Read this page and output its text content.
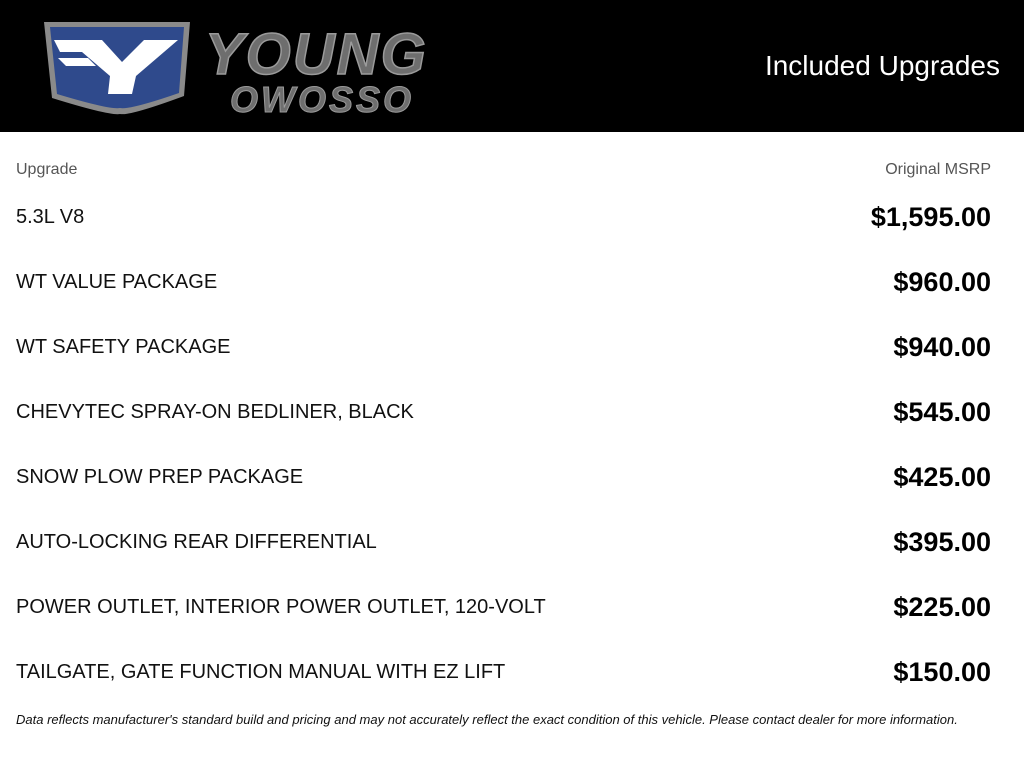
Y YOUNG
OWOSSO
Included Upgrades
Upgrade	Original MSRP
5.3L V8	$1,595.00
WT VALUE PACKAGE	$960.00
WT SAFETY PACKAGE	$940.00
CHEVYTEC SPRAY-ON BEDLINER, BLACK	$545.00
SNOW PLOW PREP PACKAGE	$425.00
AUTO-LOCKING REAR DIFFERENTIAL	$395.00
POWER OUTLET, INTERIOR POWER OUTLET, 120-VOLT	$225.00
TAILGATE, GATE FUNCTION MANUAL WITH EZ LIFT	$150.00
Data reflects manufacturer's standard build and pricing and may not accurately reflect the exact condition of this vehicle. Please contact dealer for more information.
